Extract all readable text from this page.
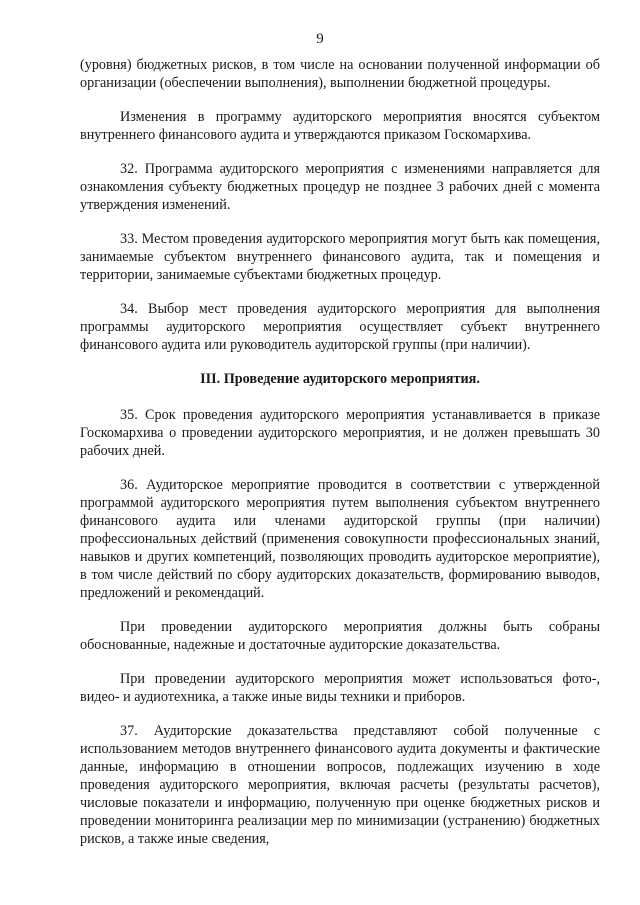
9

(уровня) бюджетных рисков, в том числе на основании полученной информации об организации (обеспечении выполнения), выполнении бюджетной процедуры.

Изменения в программу аудиторского мероприятия вносятся субъектом внутреннего финансового аудита и утверждаются приказом Госкомархива.

32. Программа аудиторского мероприятия с изменениями направляется для ознакомления субъекту бюджетных процедур не позднее 3 рабочих дней с момента утверждения изменений.

33. Местом проведения аудиторского мероприятия могут быть как помещения, занимаемые субъектом внутреннего финансового аудита, так и помещения и территории, занимаемые субъектами бюджетных процедур.

34. Выбор мест проведения аудиторского мероприятия для выполнения программы аудиторского мероприятия осуществляет субъект внутреннего финансового аудита или руководитель аудиторской группы (при наличии).

III. Проведение аудиторского мероприятия.

35. Срок проведения аудиторского мероприятия устанавливается в приказе Госкомархива о проведении аудиторского мероприятия, и не должен превышать 30 рабочих дней.

36. Аудиторское мероприятие проводится в соответствии с утвержденной программой аудиторского мероприятия путем выполнения субъектом внутреннего финансового аудита или членами аудиторской группы (при наличии) профессиональных действий (применения совокупности профессиональных знаний, навыков и других компетенций, позволяющих проводить аудиторское мероприятие), в том числе действий по сбору аудиторских доказательств, формированию выводов, предложений и рекомендаций.

При проведении аудиторского мероприятия должны быть собраны обоснованные, надежные и достаточные аудиторские доказательства.

При проведении аудиторского мероприятия может использоваться фото-, видео- и аудиотехника, а также иные виды техники и приборов.

37. Аудиторские доказательства представляют собой полученные с использованием методов внутреннего финансового аудита документы и фактические данные, информацию в отношении вопросов, подлежащих изучению в ходе проведения аудиторского мероприятия, включая расчеты (результаты расчетов), числовые показатели и информацию, полученную при оценке бюджетных рисков и проведении мониторинга реализации мер по минимизации (устранению) бюджетных рисков, а также иные сведения,
